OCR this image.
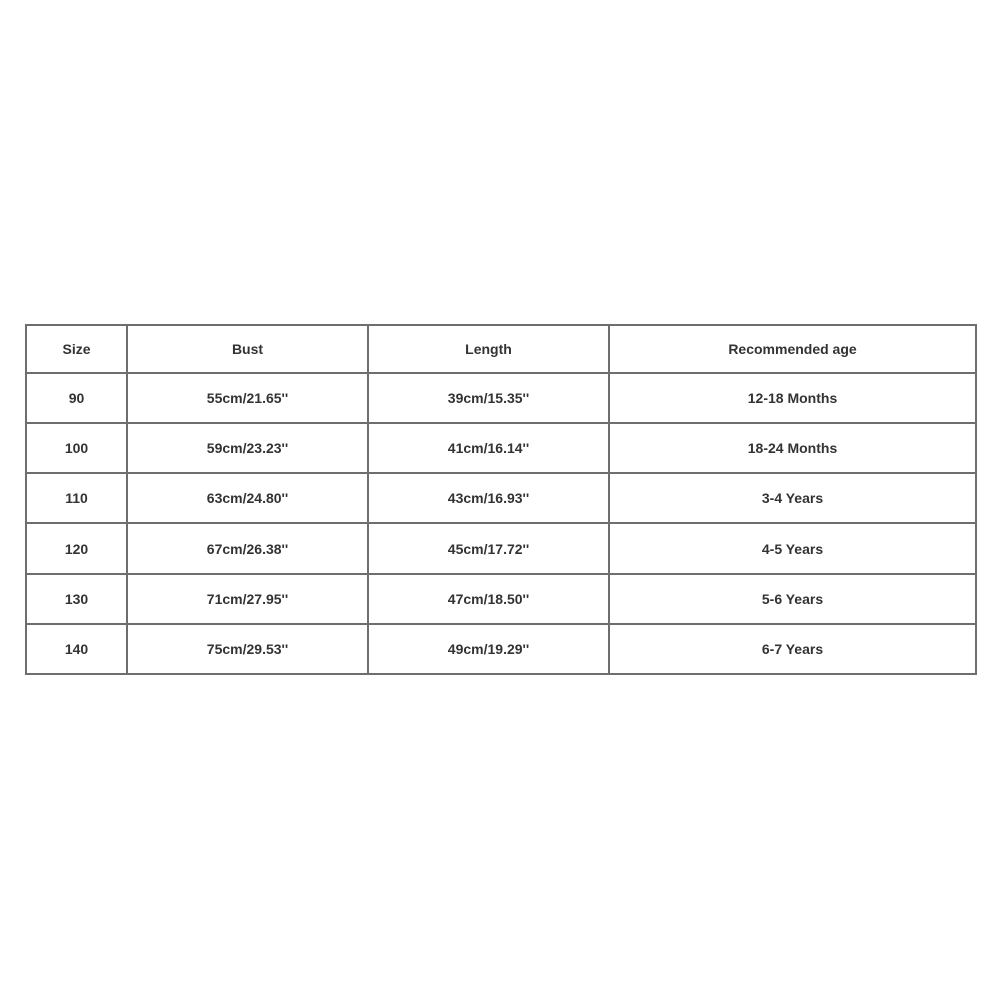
Size	Bust	Length	Recommended age
90	55cm/21.65''	39cm/15.35''	12-18 Months
100	59cm/23.23''	41cm/16.14''	18-24 Months
110	63cm/24.80''	43cm/16.93''	3-4 Years
120	67cm/26.38''	45cm/17.72''	4-5 Years
130	71cm/27.95''	47cm/18.50''	5-6 Years
140	75cm/29.53''	49cm/19.29''	6-7 Years
